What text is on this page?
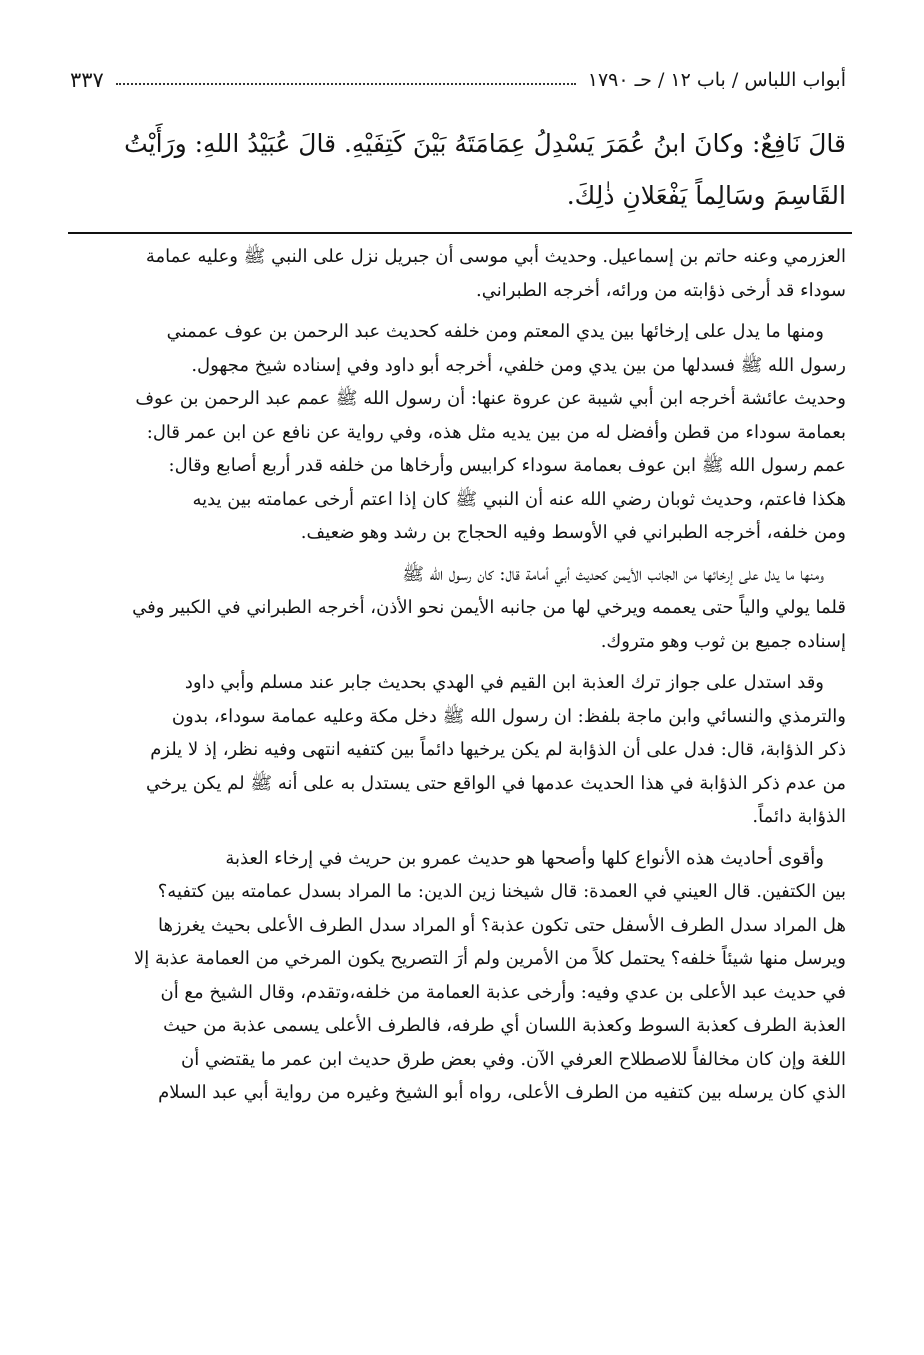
أبواب اللباس / باب ١٢ / حـ ١٧٩٠
٣٣٧
قالَ نَافِعٌ: وكانَ ابنُ عُمَرَ يَسْدِلُ عِمَامَتَهُ بَيْنَ كَتِفَيْهِ. قالَ عُبَيْدُ اللهِ: ورَأَيْتُ
القَاسِمَ وسَالِماً يَفْعَلانِ ذٰلِكَ.

العزرمي وعنه حاتم بن إسماعيل. وحديث أبي موسى أن جبريل نزل على النبي ﷺ وعليه عمامة
سوداء قد أرخى ذؤابته من ورائه، أخرجه الطبراني.

ومنها ما يدل على إرخائها بين يدي المعتم ومن خلفه كحديث عبد الرحمن بن عوف عممني
رسول الله ﷺ فسدلها من بين يدي ومن خلفي، أخرجه أبو داود وفي إسناده شيخ مجهول.
وحديث عائشة أخرجه ابن أبي شيبة عن عروة عنها: أن رسول الله ﷺ عمم عبد الرحمن بن عوف
بعمامة سوداء من قطن وأفضل له من بين يديه مثل هذه، وفي رواية عن نافع عن ابن عمر قال:
عمم رسول الله ﷺ ابن عوف بعمامة سوداء كرابيس وأرخاها من خلفه قدر أربع أصابع وقال:
هكذا فاعتم، وحديث ثوبان رضي الله عنه أن النبي ﷺ كان إذا اعتم أرخى عمامته بين يديه
ومن خلفه، أخرجه الطبراني في الأوسط وفيه الحجاج بن رشد وهو ضعيف.

ومنها ما يدل على إرخائها من الجانب الأيمن كحديث أبي أمامة قال: كان رسول الله ﷺ
قلما يولي والياً حتى يعممه ويرخي لها من جانبه الأيمن نحو الأذن، أخرجه الطبراني في الكبير وفي
إسناده جميع بن ثوب وهو متروك.

وقد استدل على جواز ترك العذبة ابن القيم في الهدي بحديث جابر عند مسلم وأبي داود
والترمذي والنسائي وابن ماجة بلفظ: ان رسول الله ﷺ دخل مكة وعليه عمامة سوداء، بدون
ذكر الذؤابة، قال: فدل على أن الذؤابة لم يكن يرخيها دائماً بين كتفيه انتهى وفيه نظر، إذ لا يلزم
من عدم ذكر الذؤابة في هذا الحديث عدمها في الواقع حتى يستدل به على أنه ﷺ لم يكن يرخي
الذؤابة دائماً.

وأقوى أحاديث هذه الأنواع كلها وأصحها هو حديث عمرو بن حريث في إرخاء العذبة
بين الكتفين. قال العيني في العمدة: قال شيخنا زين الدين: ما المراد بسدل عمامته بين كتفيه؟
هل المراد سدل الطرف الأسفل حتى تكون عذبة؟ أو المراد سدل الطرف الأعلى بحيث يغرزها
ويرسل منها شيئاً خلفه؟ يحتمل كلاً من الأمرين ولم أرَ التصريح يكون المرخي من العمامة عذبة إلا
في حديث عبد الأعلى بن عدي وفيه: وأرخى عذبة العمامة من خلفه،وتقدم، وقال الشيخ مع أن
العذبة الطرف كعذبة السوط وكعذبة اللسان أي طرفه، فالطرف الأعلى يسمى عذبة من حيث
اللغة وإن كان مخالفاً للاصطلاح العرفي الآن. وفي بعض طرق حديث ابن عمر ما يقتضي أن
الذي كان يرسله بين كتفيه من الطرف الأعلى، رواه أبو الشيخ وغيره من رواية أبي عبد السلام
